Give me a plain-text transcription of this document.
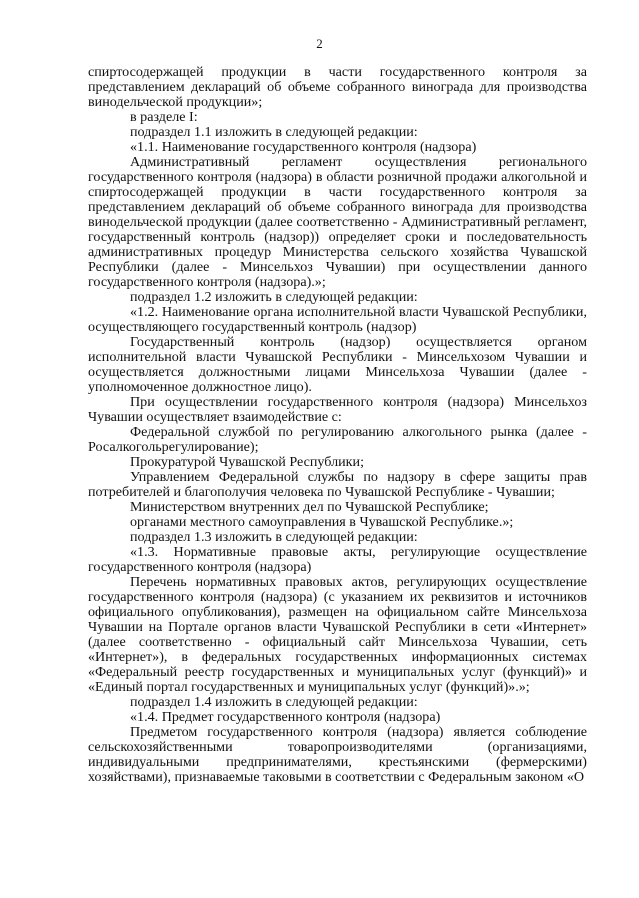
2

спиртосодержащей продукции в части государственного контроля за представлением деклараций об объеме собранного винограда для производства винодельческой продукции»;

в разделе I:

подраздел 1.1 изложить в следующей редакции:

«1.1. Наименование государственного контроля (надзора)

Административный регламент осуществления регионального государственного контроля (надзора) в области розничной продажи алкогольной и спиртосодержащей продукции в части государственного контроля за представлением деклараций об объеме собранного винограда для производства винодельческой продукции (далее соответственно - Административный регламент, государственный контроль (надзор)) определяет сроки и последовательность административных процедур Министерства сельского хозяйства Чувашской Республики (далее - Минсельхоз Чувашии) при осуществлении данного государственного контроля (надзора).»;

подраздел 1.2 изложить в следующей редакции:

«1.2. Наименование органа исполнительной власти Чувашской Республики, осуществляющего государственный контроль (надзор)

Государственный контроль (надзор) осуществляется органом исполнительной власти Чувашской Республики - Минсельхозом Чувашии и осуществляется должностными лицами Минсельхоза Чувашии (далее - уполномоченное должностное лицо).

При осуществлении государственного контроля (надзора) Минсельхоз Чувашии осуществляет взаимодействие с:

Федеральной службой по регулированию алкогольного рынка (далее - Росалкогольрегулирование);

Прокуратурой Чувашской Республики;

Управлением Федеральной службы по надзору в сфере защиты прав потребителей и благополучия человека по Чувашской Республике - Чувашии;

Министерством внутренних дел по Чувашской Республике;

органами местного самоуправления в Чувашской Республике.»;

подраздел 1.3 изложить в следующей редакции:

«1.3. Нормативные правовые акты, регулирующие осуществление государственного контроля (надзора)

Перечень нормативных правовых актов, регулирующих осуществление государственного контроля (надзора) (с указанием их реквизитов и источников официального опубликования), размещен на официальном сайте Минсельхоза Чувашии на Портале органов власти Чувашской Республики в сети «Интернет» (далее соответственно - официальный сайт Минсельхоза Чувашии, сеть «Интернет»), в федеральных государственных информационных системах «Федеральный реестр государственных и муниципальных услуг (функций)» и «Единый портал государственных и муниципальных услуг (функций)».»;

подраздел 1.4 изложить в следующей редакции:

«1.4. Предмет государственного контроля (надзора)

Предметом государственного контроля (надзора) является соблюдение сельскохозяйственными товаропроизводителями (организациями, индивидуальными предпринимателями, крестьянскими (фермерскими) хозяйствами), признаваемые таковыми в соответствии с Федеральным законом «О
